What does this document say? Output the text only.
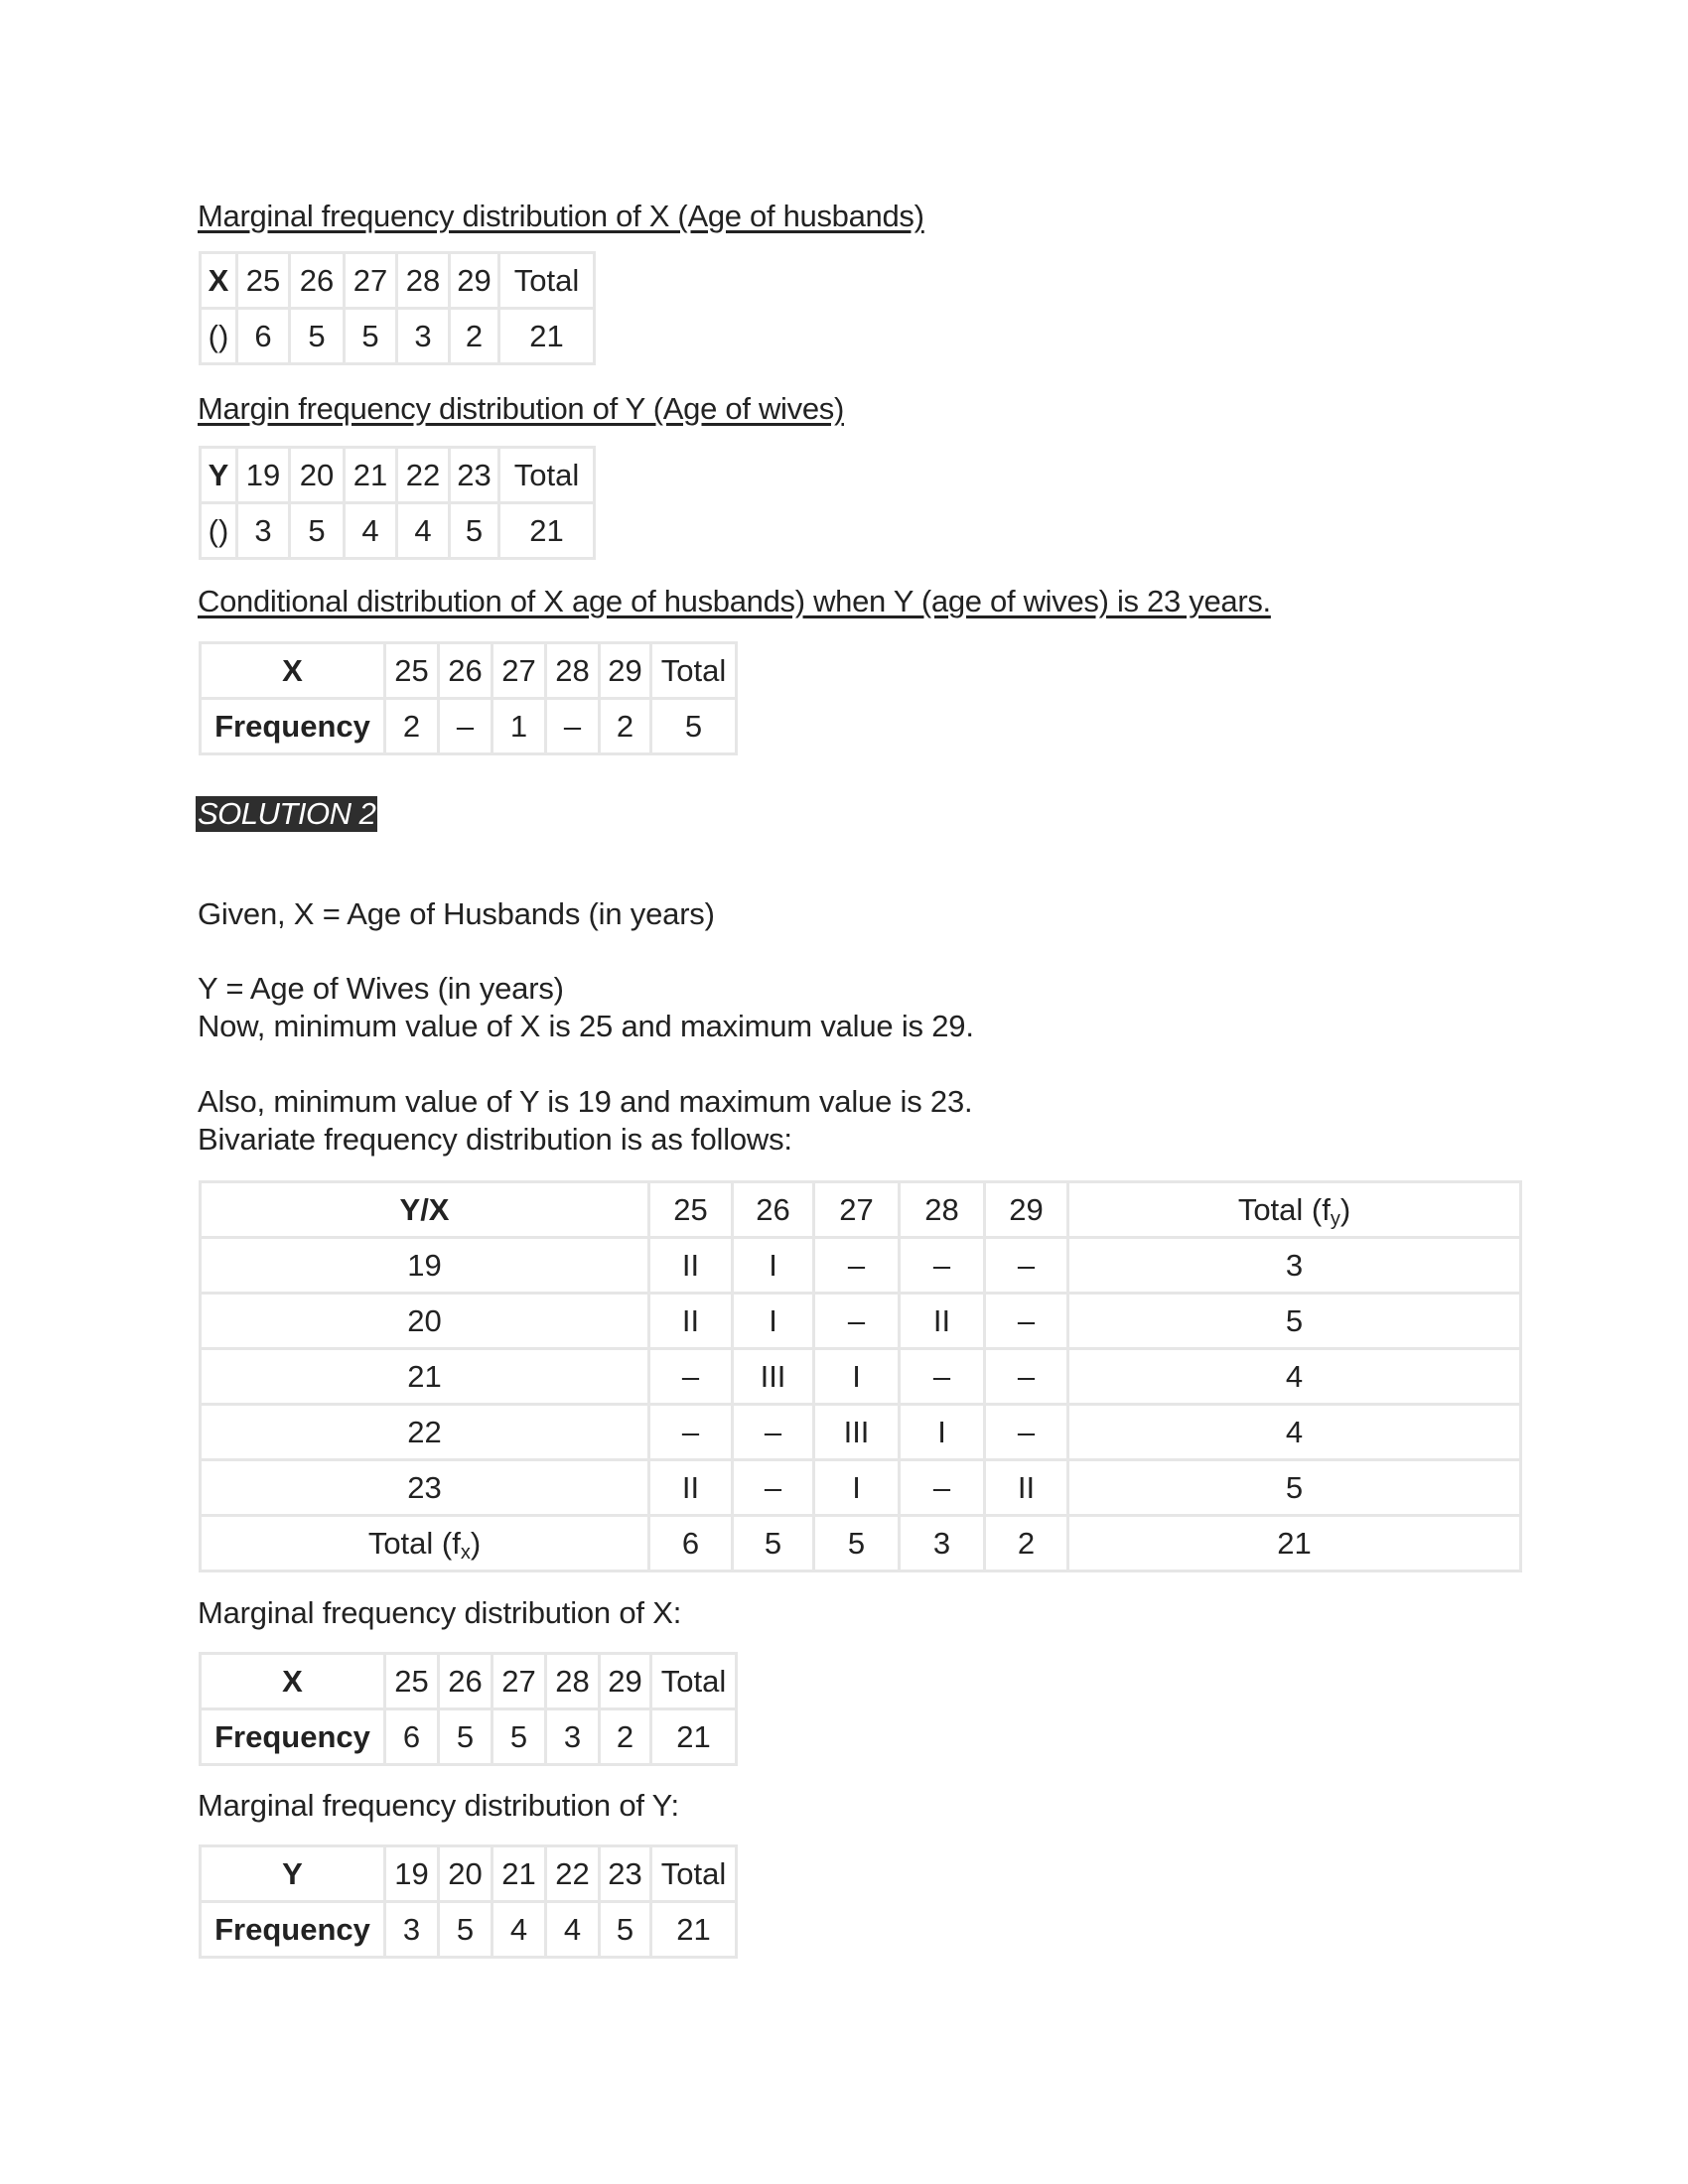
Marginal frequency distribution of X (Age of husbands)
X	25	26	27	28	29	Total
()	6	5	5	3	2	21
Margin frequency distribution of Y (Age of wives)
Y	19	20	21	22	23	Total
()	3	5	4	4	5	21
Conditional distribution of X age of husbands) when Y (age of wives) is 23 years.
X	25	26	27	28	29	Total
Frequency	2	–	1	–	2	5
SOLUTION 2
Given, X = Age of Husbands (in years)
Y = Age of Wives (in years)
Now, minimum value of X is 25 and maximum value is 29.
Also, minimum value of Y is 19 and maximum value is 23.
Bivariate frequency distribution is as follows:
Y/X	25	26	27	28	29	Total $(f_y)$
19	II	I	–	–	–	3
20	II	I	–	II	–	5
21	–	III	I	–	–	4
22	–	–	III	I	–	4
23	II	–	I	–	II	5
Total $(f_x)$	6	5	5	3	2	21
Marginal frequency distribution of X:
X	25	26	27	28	29	Total
Frequency	6	5	5	3	2	21
Marginal frequency distribution of Y:
Y	19	20	21	22	23	Total
Frequency	3	5	4	4	5	21
